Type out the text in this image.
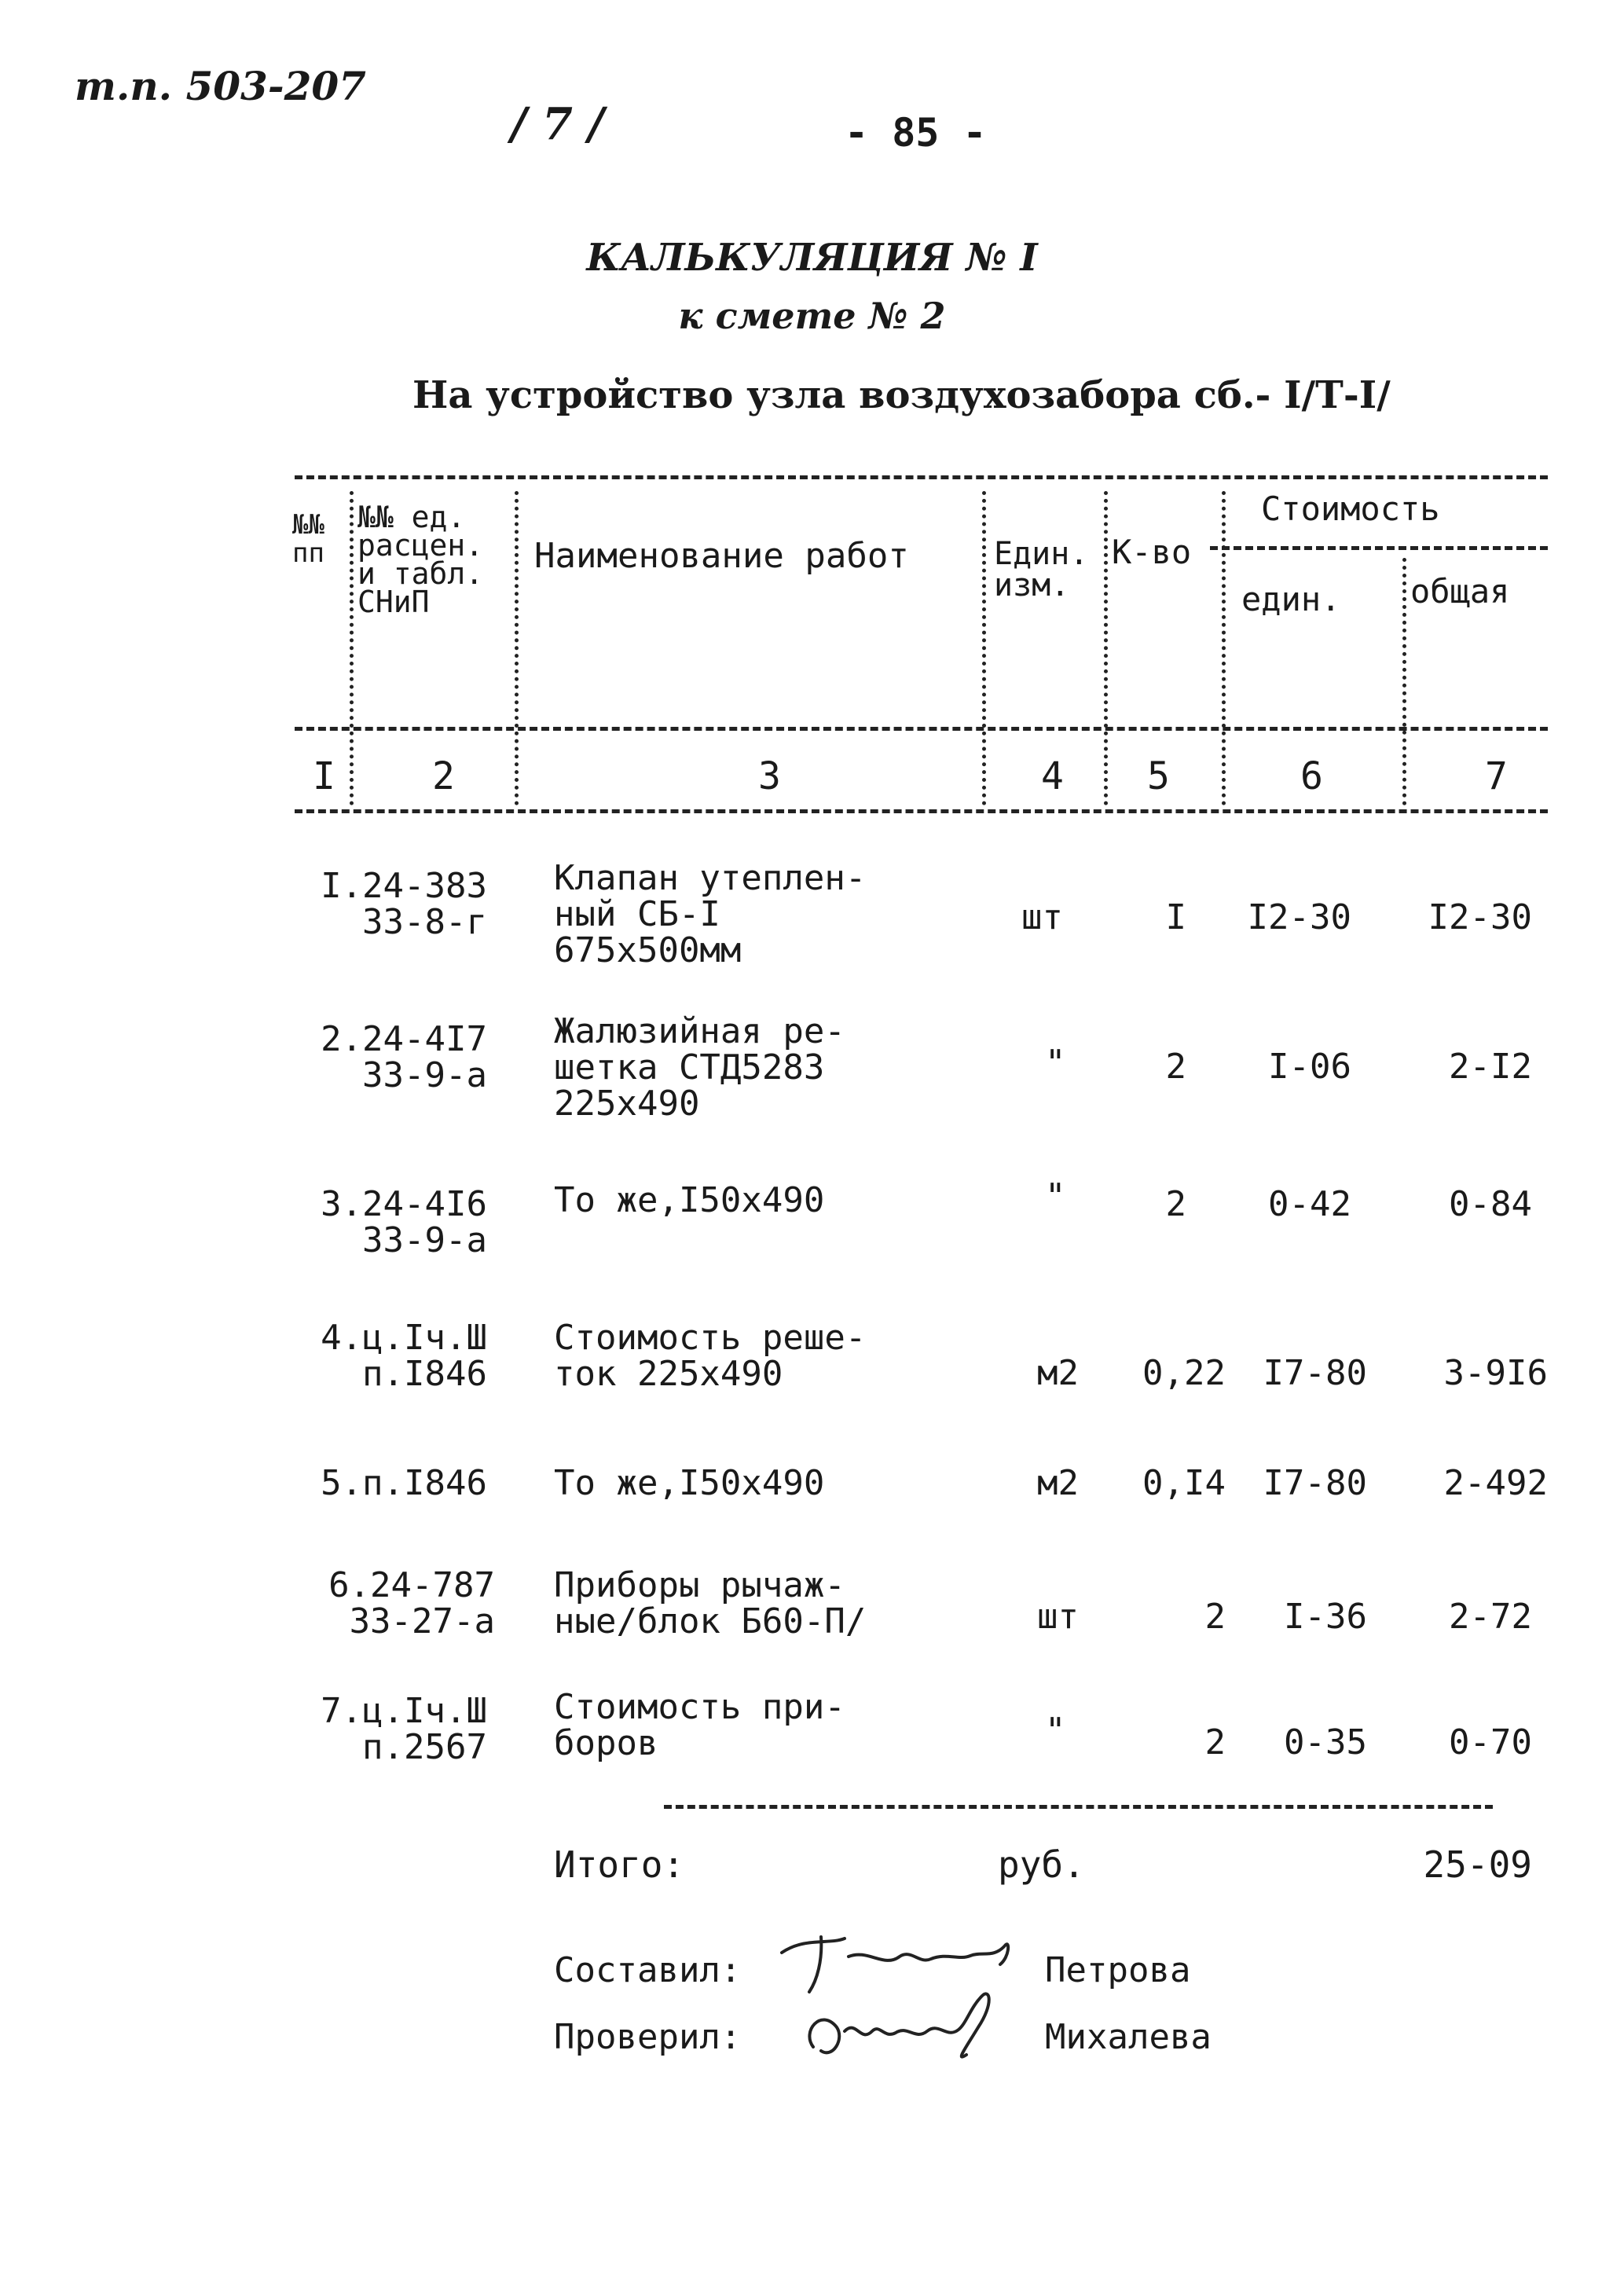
т.п. 503-207
/ 7 /	- 85 -
КАЛЬКУЛЯЦИЯ № I
к смете № 2
На устройство узла воздухозабора сб.- I/Т-I/
№№
пп
№№ ед.
расцен.
и табл.
СНиП
Наименование работ	Един.
изм.
К-во
Стоимость
един. общая
I	2	3	4 5	6	7
I.24-383
33-8-г
Клапан утеплен-
ный СБ-I
675х500мм
шт	I	I2-30	I2-30
2.24-4I7
33-9-а
Жалюзийная ре-
шетка СТД5283
225х490
"	2	I-06	2-I2
3.24-4I6
33-9-а
То же,I50х490	"	2	0-42	0-84
4.ц.Iч.Ш
п.I846
Стоимость реше-
ток 225х490	м2	0,22	I7-80	3-9I6
5.п.I846 То же,I50х490	м2	0,I4	I7-80	2-492
6.24-787
33-27-а
Приборы рычаж-
ные/блок Б60-П/	шт	2	I-36	2-72
7.ц.Iч.Ш
п.2567
Стоимость при-
боров	"	2	0-35	0-70
Итого:	руб.	25-09
Составил:	Петрова
Проверил:	Михалева
